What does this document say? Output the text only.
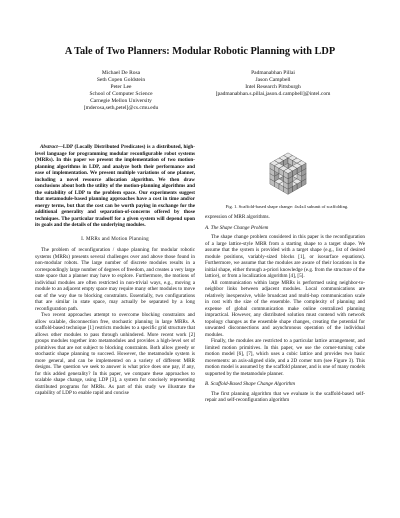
A Tale of Two Planners: Modular Robotic Planning with LDP
Michael De Rosa
Seth Copen Goldstein
Peter Lee
School of Computer Science
Carnegie Mellon University
[mderosa,seth,petel]@cs.cmu.edu
Padmanabhan Pillai
Jason Campbell
Intel Research Pittsburgh
[padmanabhan.s.pillai,jason.d.campbell]@intel.com

Abstract—LDP (Locally Distributed Predicates) is a distributed, high-level language for programming modular reconfigurable robot systems (MRRs). In this paper we present the implementation of two motion-planning algorithms in LDP, and analyze both their performance and ease of implementation. We present multiple variations of one planner, including a novel resource allocation algorithm. We then draw conclusions about both the utility of the motion-planning algorithms and the suitability of LDP to the problem space. Our experiments suggest that metamodule-based planning approaches have a cost in time and/or energy terms, but that the cost can be worth paying in exchange for the additional generality and separation-of-concerns offered by those techniques. The particular tradeoff for a given system will depend upon its goals and the details of the underlying modules.

I. MRRs and Motion Planning

The problem of reconfiguration / shape planning for modular robotic systems (MRRs) presents several challenges over and above those found in non-modular robots. The large number of discrete modules results in a correspondingly large number of degrees of freedom, and creates a very large state space that a planner may have to explore. Furthermore, the motions of individual modules are often restricted in non-trivial ways, e.g., moving a module to an adjacent empty space may require many other modules to move out of the way due to blocking constraints. Essentially, two configurations that are similar in state space, may actually be separated by a long reconfiguration path.

Two recent approaches attempt to overcome blocking constraints and allow scalable, disconnection free, stochastic planning in large MRRs. A scaffold-based technique [1] restricts modules to a specific grid structure that allows other modules to pass through unhindered. More recent work [2] groups modules together into metamodules and provides a high-level set of primitives that are not subject to blocking constraints. Both allow greedy or stochastic shape planning to succeed. However, the metamodule system is more general, and can be implemented on a variety of different MRR designs. The question we seek to answer is what price does one pay, if any, for this added generality? In this paper, we compare these approaches to scalable shape change, using LDP [3], a system for concisely representing distributed programs for MRRs. As part of this study we illustrate the capability of LDP to enable rapid and concise

Fig. 1. Scaffold-based shape change: 4x4x4 subunit of scaffolding.

expression of MRR algorithms.

A. The Shape Change Problem

The shape change problem considered in this paper is the reconfiguration of a large lattice-style MRR from a starting shape to a target shape. We assume that the system is provided with a target shape (e.g., list of desired module positions, variably-sized blocks [1], or isosurface equations). Furthermore, we assume that the modules are aware of their locations in the initial shape, either through a-priori knowledge (e.g. from the structure of the lattice), or from a localization algorithm [4], [5].

All communication within large MRRs is performed using neighbor-to-neighbor links between adjacent modules. Local communications are relatively inexpensive, while broadcast and multi-hop communication scale in cost with the size of the ensemble. The complexity of planning and expense of global communication make online centralized planning impractical. However, any distributed solution must contend with network topology changes as the ensemble shape changes, creating the potential for unwanted disconnections and asynchronous operation of the individual modules.

Finally, the modules are restricted to a particular lattice arrangement, and limited motion primitives. In this paper, we use the corner-turning cube motion model [6], [7], which uses a cubic lattice and provides two basic movements: an axis-aligned slide, and a 2D corner turn (see Figure 3). This motion model is assumed by the scaffold planner, and is one of many models supported by the metamodule planner.

B. Scaffold-Based Shape Change Algorithm

The first planning algorithm that we evaluate is the scaffold-based self-repair and self-reconfiguration algorithm
